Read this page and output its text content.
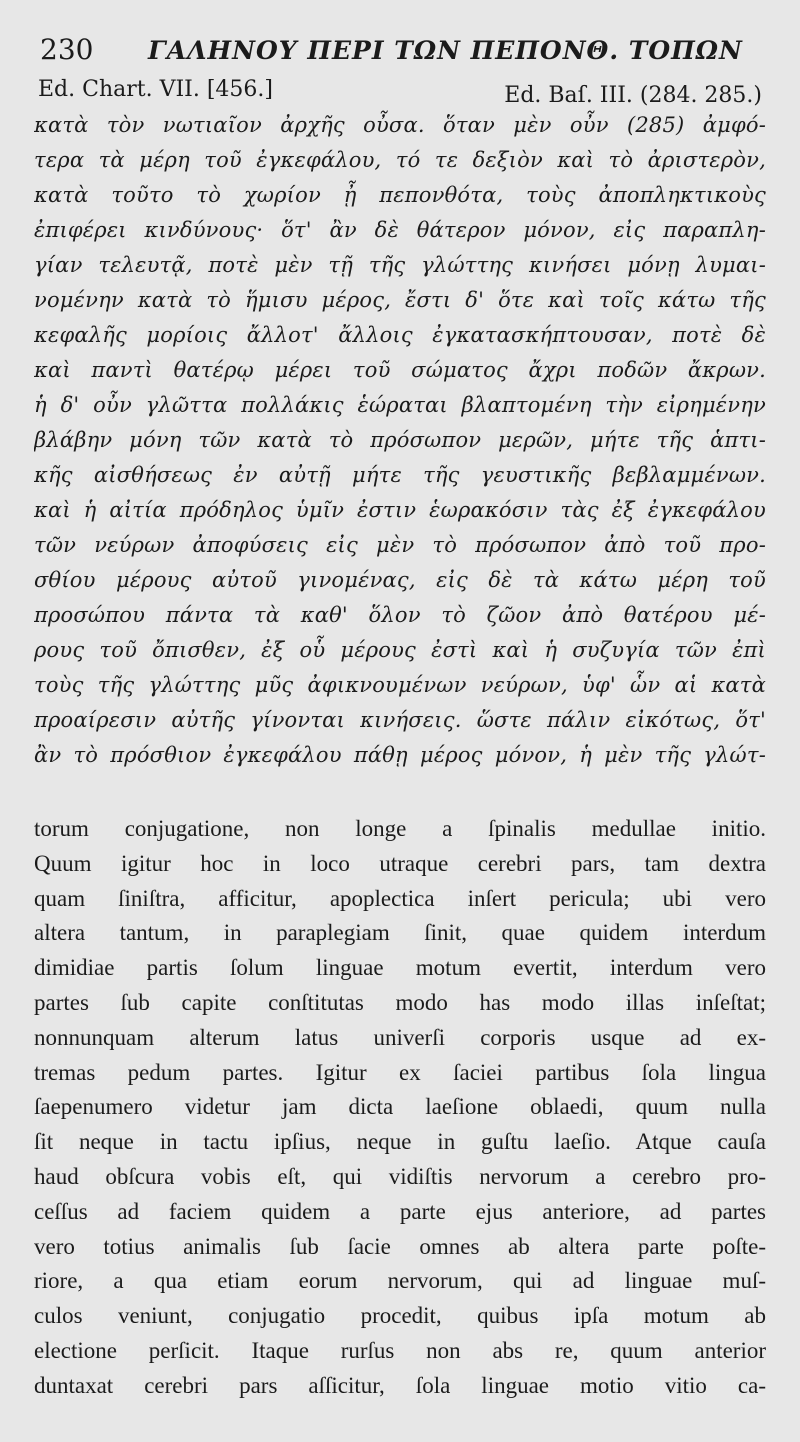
230 ΓΑΛΗΝΟΥ ΠΕΡΙ ΤΩΝ ΠΕΠΟΝΘ. ΤΟΠΩΝ
Ed. Chart. VII. [456.]	Ed. Baſ. III. (284. 285.)
κατὰ τὸν νωτιαῖον ἀρχῆς οὖσα. ὅταν μὲν οὖν (285) ἀμφό-
τερα τὰ μέρη τοῦ ἐγκεφάλου, τό τε δεξιὸν καὶ τὸ ἀριστερὸν,
κατὰ τοῦτο τὸ χωρίον ᾖ πεπονθότα, τοὺς ἀποπληκτικοὺς
ἐπιφέρει κινδύνους· ὅτ' ἂν δὲ θάτερον μόνον, εἰς παραπλη-
γίαν τελευτᾷ, ποτὲ μὲν τῇ τῆς γλώττης κινήσει μόνῃ λυμαι-
νομένην κατὰ τὸ ἥμισυ μέρος, ἔστι δ' ὅτε καὶ τοῖς κάτω τῆς
κεφαλῆς μορίοις ἄλλοτ' ἄλλοις ἐγκατασκήπτουσαν, ποτὲ δὲ
καὶ παντὶ θατέρῳ μέρει τοῦ σώματος ἄχρι ποδῶν ἄκρων.
ἡ δ' οὖν γλῶττα πολλάκις ἑώραται βλαπτομένη τὴν εἰρημένην
βλάβην μόνη τῶν κατὰ τὸ πρόσωπον μερῶν, μήτε τῆς ἁπτι-
κῆς αἰσθήσεως ἐν αὐτῇ μήτε τῆς γευστικῆς βεβλαμμένων.
καὶ ἡ αἰτία πρόδηλος ὑμῖν ἐστιν ἑωρακόσιν τὰς ἐξ ἐγκεφάλου
τῶν νεύρων ἀποφύσεις εἰς μὲν τὸ πρόσωπον ἀπὸ τοῦ προ-
σθίου μέρους αὐτοῦ γινομένας, εἰς δὲ τὰ κάτω μέρη τοῦ
προσώπου πάντα τὰ καθ' ὅλον τὸ ζῶον ἀπὸ θατέρου μέ-
ρους τοῦ ὄπισθεν, ἐξ οὗ μέρους ἐστὶ καὶ ἡ συζυγία τῶν ἐπὶ
τοὺς τῆς γλώττης μῦς ἀφικνουμένων νεύρων, ὑφ' ὧν αἱ κατὰ
προαίρεσιν αὐτῆς γίνονται κινήσεις. ὥστε πάλιν εἰκότως, ὅτ'
ἂν τὸ πρόσθιον ἐγκεφάλου πάθῃ μέρος μόνον, ἡ μὲν τῆς γλώτ-
torum conjugatione, non longe a ſpinalis medullae initio.
Quum igitur hoc in loco utraque cerebri pars, tam dextra
quam ſiniſtra, afficitur, apoplectica inſert pericula; ubi vero
altera tantum, in paraplegiam ſinit, quae quidem interdum
dimidiae partis ſolum linguae motum evertit, interdum vero
partes ſub capite conſtitutas modo has modo illas inſeſtat;
nonnunquam alterum latus univerſi corporis usque ad ex-
tremas pedum partes. Igitur ex ſaciei partibus ſola lingua
ſaepenumero videtur jam dicta laeſione oblaedi, quum nulla
ſit neque in tactu ipſius, neque in guſtu laeſio. Atque cauſa
haud obſcura vobis eſt, qui vidiſtis nervorum a cerebro pro-
ceſſus ad faciem quidem a parte ejus anteriore, ad partes
vero totius animalis ſub ſacie omnes ab altera parte poſte-
riore, a qua etiam eorum nervorum, qui ad linguae muſ-
culos veniunt, conjugatio procedit, quibus ipſa motum ab
electione perſicit. Itaque rurſus non abs re, quum anterior
duntaxat cerebri pars aſſicitur, ſola linguae motio vitio ca-
